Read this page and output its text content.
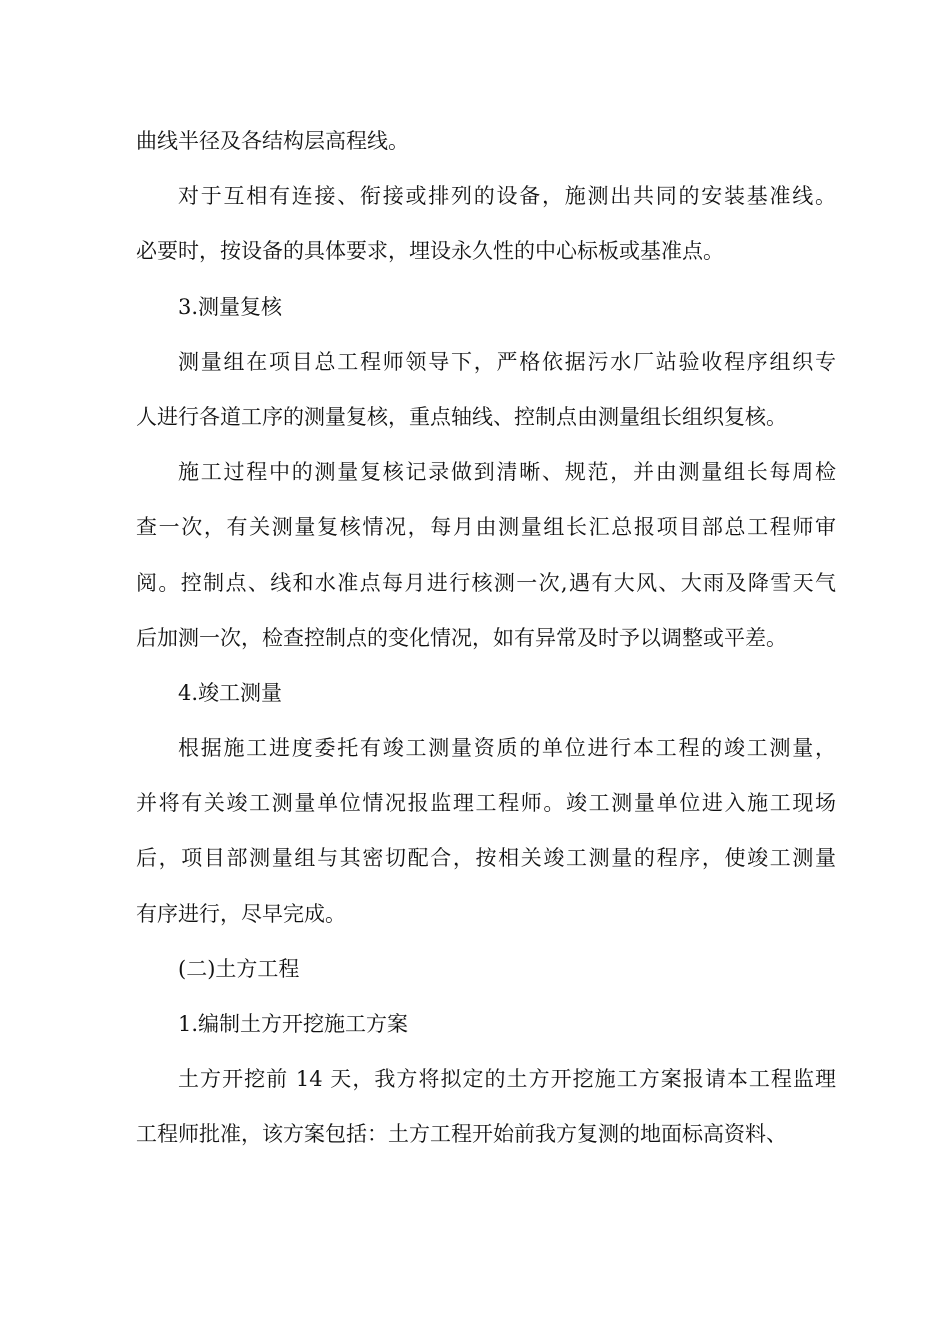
曲线半径及各结构层高程线。
对于互相有连接、衔接或排列的设备，施测出共同的安装基准线。
必要时，按设备的具体要求，埋设永久性的中心标板或基准点。
3.测量复核
测量组在项目总工程师领导下，严格依据污水厂站验收程序组织专
人进行各道工序的测量复核，重点轴线、控制点由测量组长组织复核。
施工过程中的测量复核记录做到清晰、规范，并由测量组长每周检
查一次，有关测量复核情况，每月由测量组长汇总报项目部总工程师审
阅。控制点、线和水准点每月进行核测一次,遇有大风、大雨及降雪天气
后加测一次，检查控制点的变化情况，如有异常及时予以调整或平差。
4.竣工测量
根据施工进度委托有竣工测量资质的单位进行本工程的竣工测量，
并将有关竣工测量单位情况报监理工程师。竣工测量单位进入施工现场
后，项目部测量组与其密切配合，按相关竣工测量的程序，使竣工测量
有序进行，尽早完成。
(二)土方工程
1.编制土方开挖施工方案
土方开挖前 14 天，我方将拟定的土方开挖施工方案报请本工程监理
工程师批准，该方案包括：土方工程开始前我方复测的地面标高资料、
